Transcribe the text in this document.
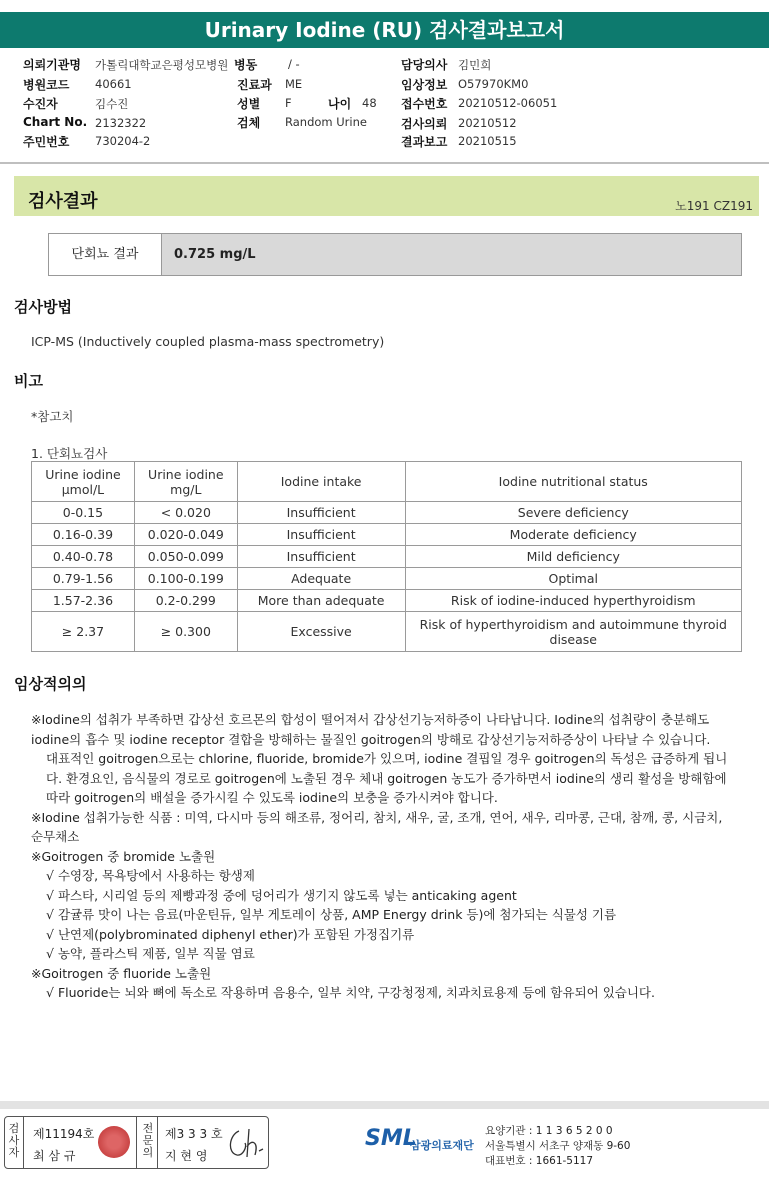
Urinary Iodine (RU) 검사결과보고서
의뢰기관명 가톨릭대학교은평성모병원 병동	/ -	담당의사 김민희
병원코드 40661	진료과 ME	임상정보 O57970KM0
수진자	김수진	성별 F	나이 48 접수번호 20210512-06051
Chart No. 2132322	검체 Random Urine	검사의뢰 20210512
주민번호 730204-2	결과보고 20210515
검사결과	노191 CZ191
단회뇨 결과	0.725 mg/L
검사방법
ICP-MS (Inductively coupled plasma-mass spectrometry)
비고
*참고치
1. 단회뇨검사
Urine iodine μmol/L	Urine iodine mg/L	Iodine intake	Iodine nutritional status
0-0.15	< 0.020	Insufficient	Severe deficiency
0.16-0.39	0.020-0.049	Insufficient	Moderate deficiency
0.40-0.78	0.050-0.099	Insufficient	Mild deficiency
0.79-1.56	0.100-0.199	Adequate	Optimal
1.57-2.36	0.2-0.299	More than adequate	Risk of iodine-induced hyperthyroidism
≥ 2.37	≥ 0.300	Excessive	Risk of hyperthyroidism and autoimmune thyroid disease
임상적의의
※Iodine의 섭취가 부족하면 갑상선 호르몬의 합성이 떨어져서 갑상선기능저하증이 나타납니다. Iodine의 섭취량이 충분해도 iodine의 흡수 및 iodine receptor 결합을 방해하는 물질인 goitrogen의 방해로 갑상선기능저하증상이 나타날 수 있습니다.
대표적인 goitrogen으로는 chlorine, fluoride, bromide가 있으며, iodine 결핍일 경우 goitrogen의 독성은 급증하게 됩니다. 환경요인, 음식물의 경로로 goitrogen에 노출된 경우 체내 goitrogen 농도가 증가하면서 iodine의 생리 활성을 방해함에 따라 goitrogen의 배설을 증가시킬 수 있도록 iodine의 보충을 증가시켜야 합니다.
※Iodine 섭취가능한 식품 : 미역, 다시마 등의 해조류, 정어리, 참치, 새우, 굴, 조개, 연어, 새우, 리마콩, 근대, 참깨, 콩, 시금치, 순무채소
※Goitrogen 중 bromide 노출원
√ 수영장, 목욕탕에서 사용하는 항생제
√ 파스타, 시리얼 등의 제빵과정 중에 덩어리가 생기지 않도록 넣는 anticaking agent
√ 감귤류 맛이 나는 음료(마운틴듀, 일부 게토레이 상품, AMP Energy drink 등)에 첨가되는 식물성 기름
√ 난연제(polybrominated diphenyl ether)가 포함된 가정집기류
√ 농약, 플라스틱 제품, 일부 직물 염료
※Goitrogen 중 fluoride 노출원
√ Fluoride는 뇌와 뼈에 독소로 작용하며 음용수, 일부 치약, 구강청정제, 치과치료용제 등에 함유되어 있습니다.
검사자
제11194호
최 삼 규
전문의
제3 3 3 호
지 현 영
SML
삼광의료재단
요양기관 : 1 1 3 6 5 2 0 0
서울특별시 서초구 양재동 9-60
대표번호 : 1661-5117
